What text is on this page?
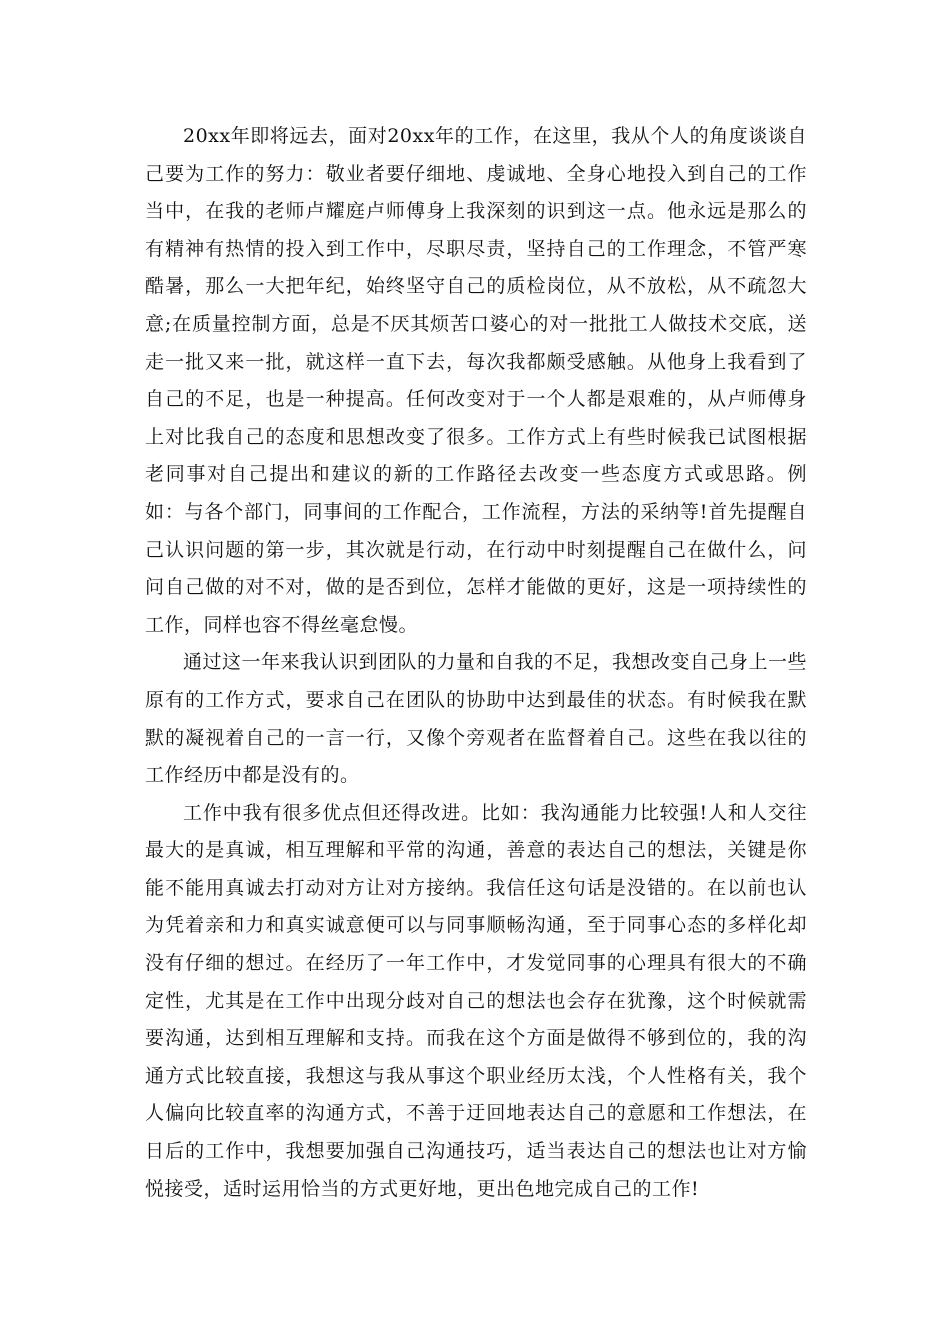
20xx年即将远去，面对20xx年的工作，在这里，我从个人的角度谈谈自己要为工作的努力：敬业者要仔细地、虔诚地、全身心地投入到自己的工作当中，在我的老师卢耀庭卢师傅身上我深刻的识到这一点。他永远是那么的有精神有热情的投入到工作中，尽职尽责，坚持自己的工作理念，不管严寒酷暑，那么一大把年纪，始终坚守自己的质检岗位，从不放松，从不疏忽大意;在质量控制方面，总是不厌其烦苦口婆心的对一批批工人做技术交底，送走一批又来一批，就这样一直下去，每次我都颇受感触。从他身上我看到了自己的不足，也是一种提高。任何改变对于一个人都是艰难的，从卢师傅身上对比我自己的态度和思想改变了很多。工作方式上有些时候我已试图根据老同事对自己提出和建议的新的工作路径去改变一些态度方式或思路。例如：与各个部门，同事间的工作配合，工作流程，方法的采纳等!首先提醒自己认识问题的第一步，其次就是行动，在行动中时刻提醒自己在做什么，问问自己做的对不对，做的是否到位，怎样才能做的更好，这是一项持续性的工作，同样也容不得丝毫怠慢。

通过这一年来我认识到团队的力量和自我的不足，我想改变自己身上一些原有的工作方式，要求自己在团队的协助中达到最佳的状态。有时候我在默默的凝视着自己的一言一行，又像个旁观者在监督着自己。这些在我以往的工作经历中都是没有的。

工作中我有很多优点但还得改进。比如：我沟通能力比较强!人和人交往最大的是真诚，相互理解和平常的沟通，善意的表达自己的想法，关键是你能不能用真诚去打动对方让对方接纳。我信任这句话是没错的。在以前也认为凭着亲和力和真实诚意便可以与同事顺畅沟通，至于同事心态的多样化却没有仔细的想过。在经历了一年工作中，才发觉同事的心理具有很大的不确定性，尤其是在工作中出现分歧对自己的想法也会存在犹豫，这个时候就需要沟通，达到相互理解和支持。而我在这个方面是做得不够到位的，我的沟通方式比较直接，我想这与我从事这个职业经历太浅，个人性格有关，我个人偏向比较直率的沟通方式，不善于迂回地表达自己的意愿和工作想法，在日后的工作中，我想要加强自己沟通技巧，适当表达自己的想法也让对方愉悦接受，适时运用恰当的方式更好地，更出色地完成自己的工作!
